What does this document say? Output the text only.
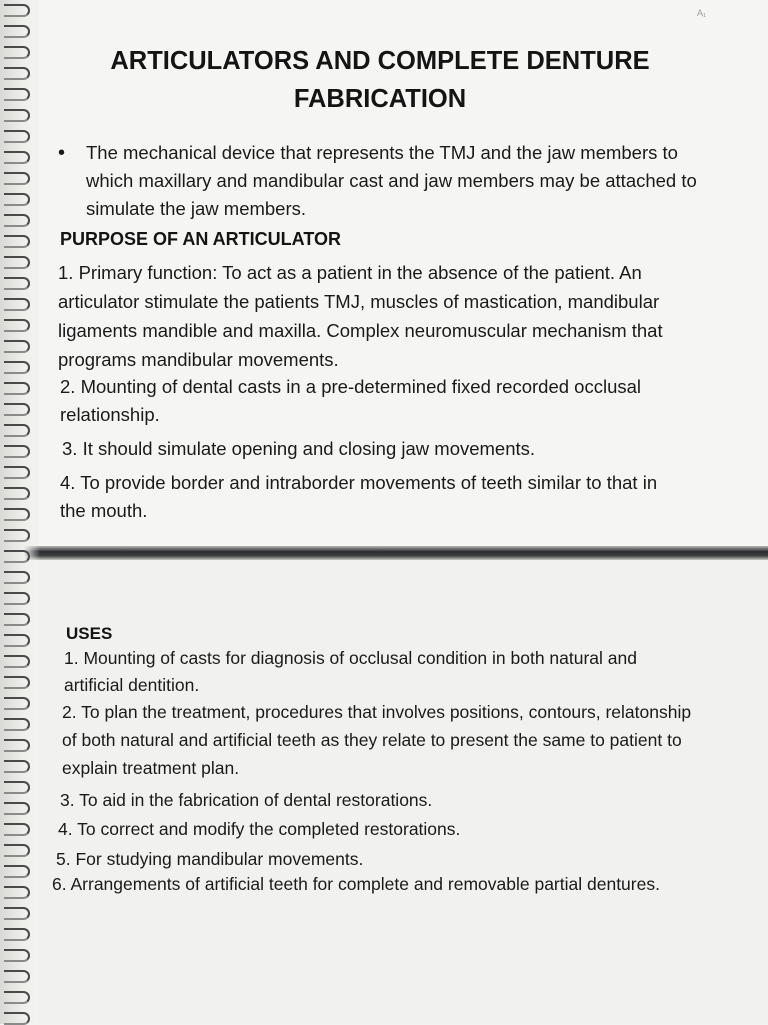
A₁
ARTICULATORS AND COMPLETE DENTURE
FABRICATION
• The mechanical device that represents the TMJ and the jaw members to which maxillary and mandibular cast and jaw members may be attached to simulate the jaw members.
PURPOSE OF AN ARTICULATOR
1. Primary function: To act as a patient in the absence of the patient. An articulator stimulate the patients TMJ, muscles of mastication, mandibular ligaments mandible and maxilla. Complex neuromuscular mechanism that programs mandibular movements.
2. Mounting of dental casts in a pre-determined fixed recorded occlusal relationship.
3. It should simulate opening and closing jaw movements.
4. To provide border and intraborder movements of teeth similar to that in the mouth.
USES
1. Mounting of casts for diagnosis of occlusal condition in both natural and artificial dentition.
2. To plan the treatment, procedures that involves positions, contours, relatonship of both natural and artificial teeth as they relate to present the same to patient to explain treatment plan.
3. To aid in the fabrication of dental restorations.
4. To correct and modify the completed restorations.
5. For studying mandibular movements.
6. Arrangements of artificial teeth for complete and removable partial dentures.
